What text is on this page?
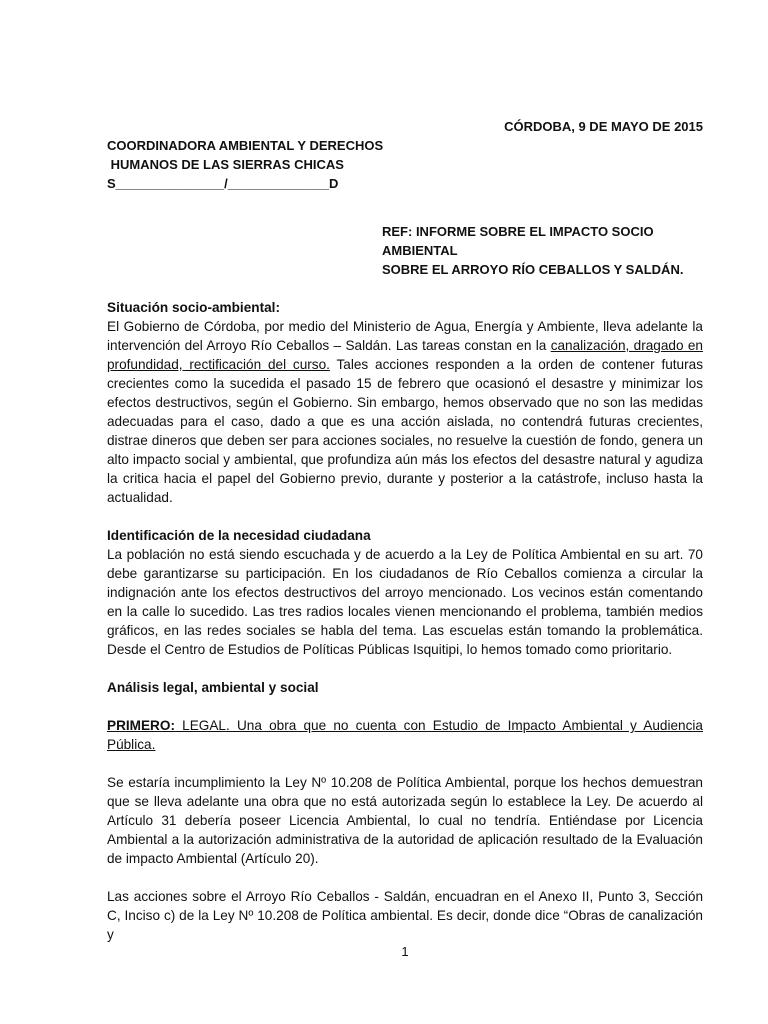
CÓRDOBA, 9 DE MAYO DE 2015
COORDINADORA AMBIENTAL Y DERECHOS
HUMANOS DE LAS SIERRAS CHICAS
S_______________/______________D
REF: INFORME SOBRE EL IMPACTO SOCIO AMBIENTAL
SOBRE EL ARROYO RÍO CEBALLOS Y SALDÁN.
Situación socio-ambiental:

El Gobierno de Córdoba, por medio del Ministerio de Agua, Energía y Ambiente, lleva adelante la intervención del Arroyo Río Ceballos – Saldán. Las tareas constan en la canalización, dragado en profundidad, rectificación del curso. Tales acciones responden a la orden de contener futuras crecientes como la sucedida el pasado 15 de febrero que ocasionó el desastre y minimizar los efectos destructivos, según el Gobierno. Sin embargo, hemos observado que no son las medidas adecuadas para el caso, dado a que es una acción aislada, no contendrá futuras crecientes, distrae dineros que deben ser para acciones sociales, no resuelve la cuestión de fondo, genera un alto impacto social y ambiental, que profundiza aún más los efectos del desastre natural y agudiza la critica hacia el papel del Gobierno previo, durante y posterior a la catástrofe, incluso hasta la actualidad.

Identificación de la necesidad ciudadana

La población no está siendo escuchada y de acuerdo a la Ley de Política Ambiental en su art. 70 debe garantizarse su participación. En los ciudadanos de Río Ceballos comienza a circular la indignación ante los efectos destructivos del arroyo mencionado. Los vecinos están comentando en la calle lo sucedido. Las tres radios locales vienen mencionando el problema, también medios gráficos, en las redes sociales se habla del tema. Las escuelas están tomando la problemática. Desde el Centro de Estudios de Políticas Públicas Isquitipi, lo hemos tomado como prioritario.

Análisis legal, ambiental y social

PRIMERO: LEGAL. Una obra que no cuenta con Estudio de Impacto Ambiental y Audiencia Pública.

Se estaría incumplimiento la Ley Nº 10.208 de Política Ambiental, porque los hechos demuestran que se lleva adelante una obra que no está autorizada según lo establece la Ley. De acuerdo al Artículo 31 debería poseer Licencia Ambiental, lo cual no tendría. Entiéndase por Licencia Ambiental a la autorización administrativa de la autoridad de aplicación resultado de la Evaluación de impacto Ambiental (Artículo 20).

Las acciones sobre el Arroyo Río Ceballos - Saldán, encuadran en el Anexo II, Punto 3, Sección C, Inciso c) de la Ley Nº 10.208 de Política ambiental. Es decir, donde dice “Obras de canalización y

1
